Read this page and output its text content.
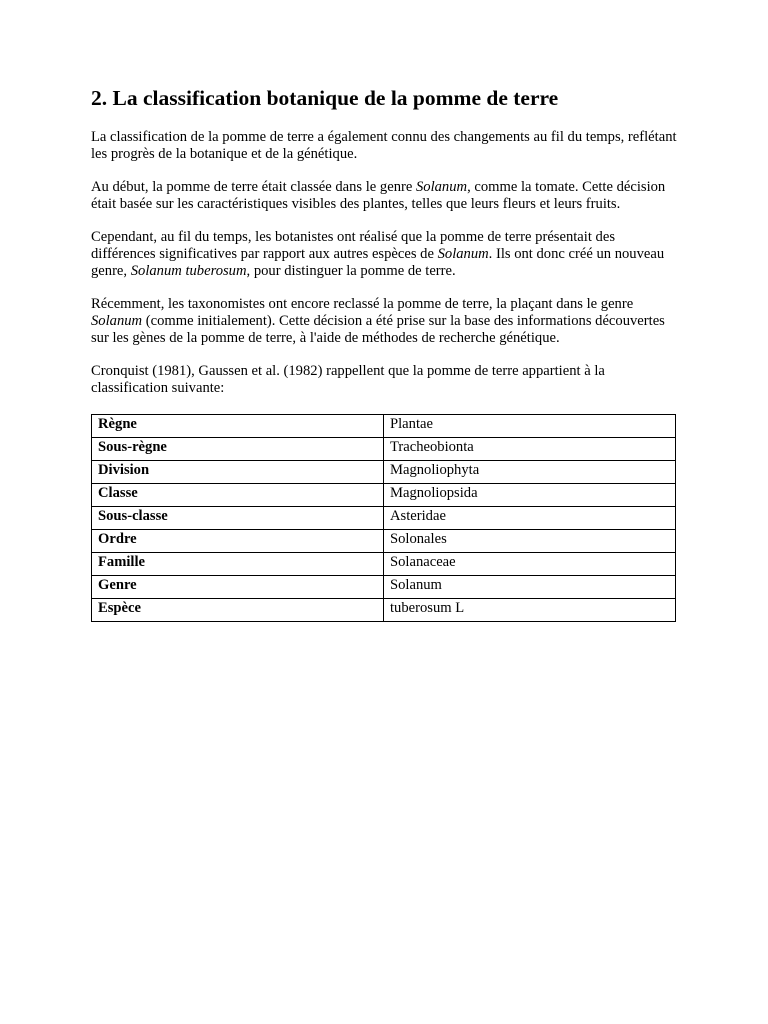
2. La classification botanique de la pomme de terre

La classification de la pomme de terre a également connu des changements au fil du temps, reflétant les progrès de la botanique et de la génétique.

Au début, la pomme de terre était classée dans le genre Solanum, comme la tomate. Cette décision était basée sur les caractéristiques visibles des plantes, telles que leurs fleurs et leurs fruits.

Cependant, au fil du temps, les botanistes ont réalisé que la pomme de terre présentait des différences significatives par rapport aux autres espèces de Solanum. Ils ont donc créé un nouveau genre, Solanum tuberosum, pour distinguer la pomme de terre.

Récemment, les taxonomistes ont encore reclassé la pomme de terre, la plaçant dans le genre Solanum (comme initialement). Cette décision a été prise sur la base des informations découvertes sur les gènes de la pomme de terre, à l'aide de méthodes de recherche génétique.

Cronquist (1981), Gaussen et al. (1982) rappellent que la pomme de terre appartient à la classification suivante:

Règne	Plantae
Sous-règne	Tracheobionta
Division	Magnoliophyta
Classe	Magnoliopsida
Sous-classe	Asteridae
Ordre	Solonales
Famille	Solanaceae
Genre	Solanum
Espèce	tuberosum L
